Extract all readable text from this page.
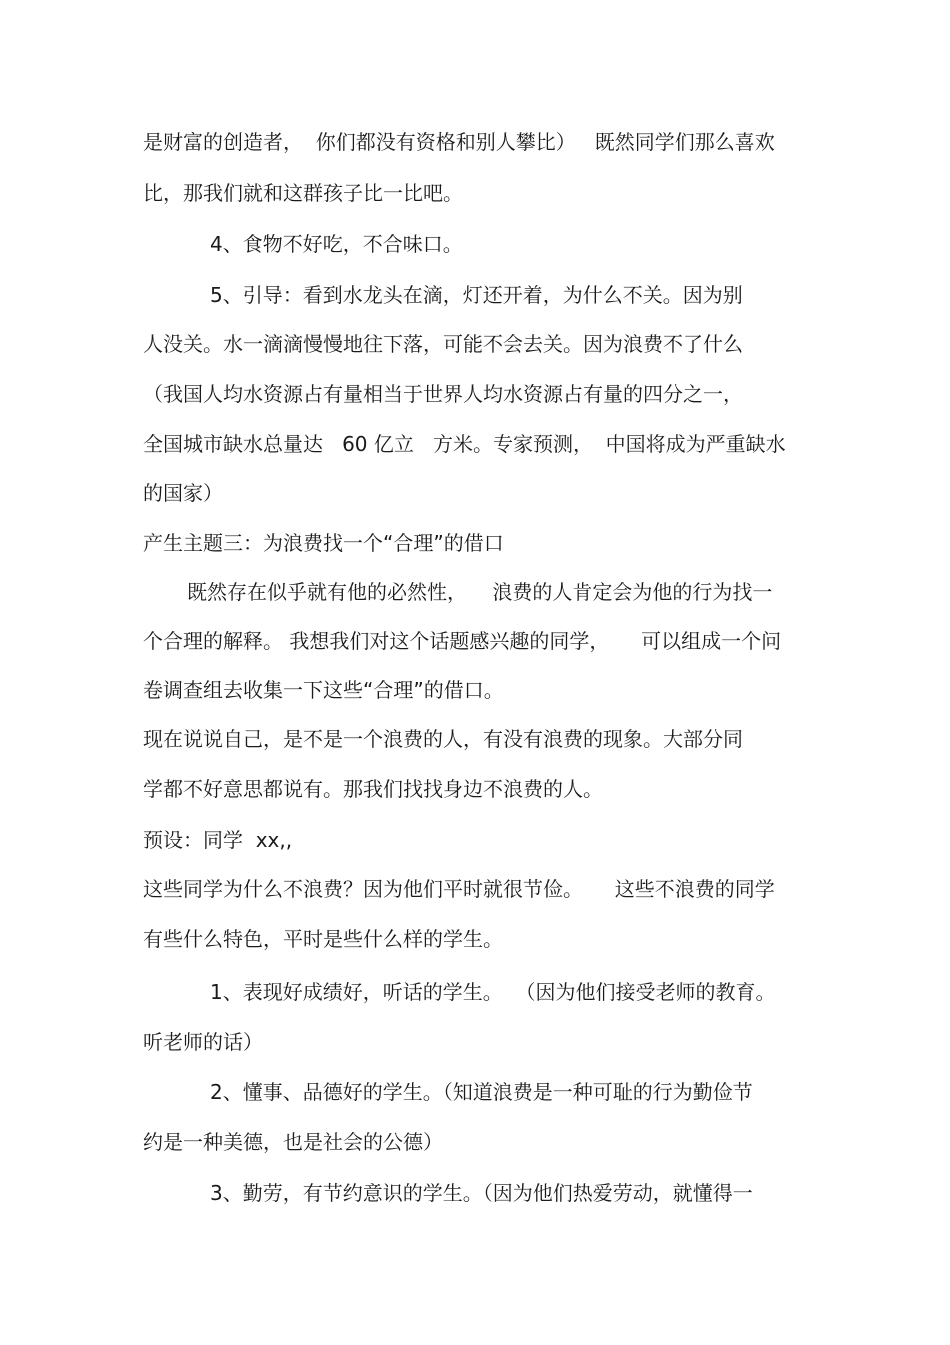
是财富的创造者，  你们都没有资格和别人攀比）   既然同学们那么喜欢
比，那我们就和这群孩子比一比吧。
4、食物不好吃，不合味口。
5、引导：看到水龙头在滴，灯还开着，为什么不关。因为别
人没关。水一滴滴慢慢地往下落，可能不会去关。因为浪费不了什么
（我国人均水资源占有量相当于世界人均水资源占有量的四分之一，
全国城市缺水总量达   60 亿立   方米。专家预测，  中国将成为严重缺水
的国家）
产生主题三：为浪费找一个“合理”的借口
既然存在似乎就有他的必然性，    浪费的人肯定会为他的行为找一
个合理的解释。 我想我们对这个话题感兴趣的同学，     可以组成一个问
卷调查组去收集一下这些“合理”的借口。
现在说说自己，是不是一个浪费的人，有没有浪费的现象。大部分同
学都不好意思都说有。那我们找找身边不浪费的人。
预设：同学  xx,,
这些同学为什么不浪费？因为他们平时就很节俭。     这些不浪费的同学
有些什么特色，平时是些什么样的学生。
1、表现好成绩好，听话的学生。  （因为他们接受老师的教育。
听老师的话）
2、懂事、品德好的学生。（知道浪费是一种可耻的行为勤俭节
约是一种美德，也是社会的公德）
3、勤劳，有节约意识的学生。（因为他们热爱劳动，就懂得一
